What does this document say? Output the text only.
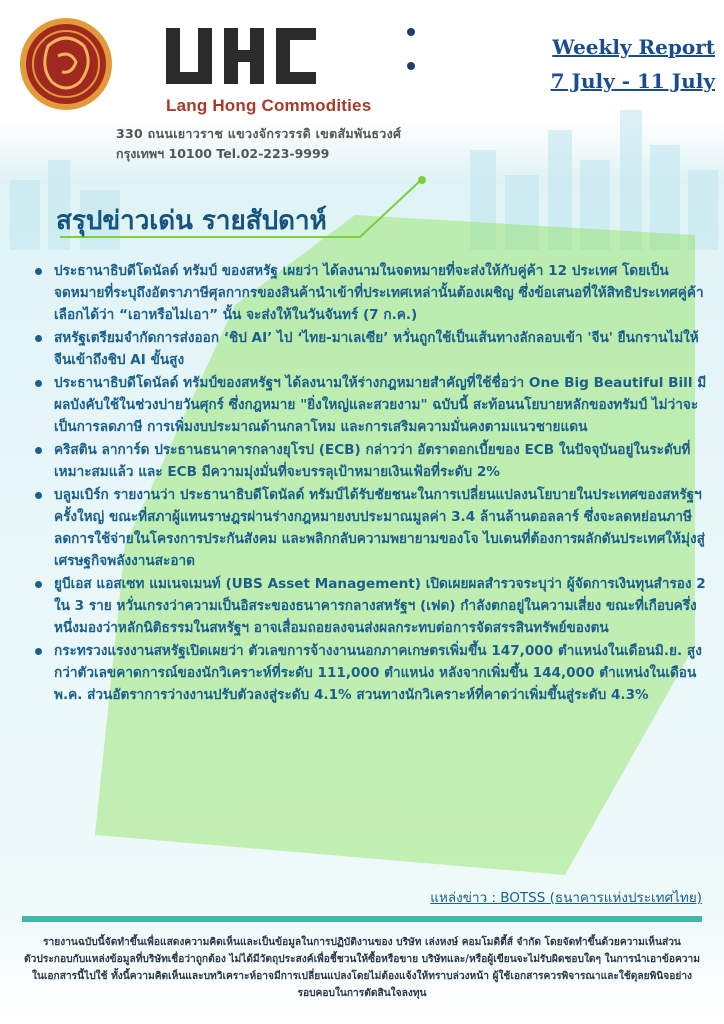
Lang Hong Commodities
330 ถนนเยาวราช แขวงจักรวรรดิ เขตสัมพันธวงศ์
กรุงเทพฯ 10100 Tel.02-223-9999
Weekly Report
7 July - 11 July
สรุปข่าวเด่น รายสัปดาห์
ประธานาธิบดีโดนัลด์ ทรัมป์ ของสหรัฐ เผยว่า ได้ลงนามในจดหมายที่จะส่งให้กับคู่ค้า 12 ประเทศ โดยเป็นจดหมายที่ระบุถึงอัตราภาษีศุลกากรของสินค้านำเข้าที่ประเทศเหล่านั้นต้องเผชิญ ซึ่งข้อเสนอที่ให้สิทธิประเทศคู่ค้าเลือกได้ว่า “เอาหรือไม่เอา” นั้น จะส่งให้ในวันจันทร์ (7 ก.ค.)
สหรัฐเตรียมจำกัดการส่งออก ‘ชิป AI’ ไป ‘ไทย-มาเลเซีย’ หวั่นถูกใช้เป็นเส้นทางลักลอบเข้า 'จีน' ยืนกรานไม่ให้จีนเข้าถึงชิป AI ขั้นสูง
ประธานาธิบดีโดนัลด์ ทรัมป์ของสหรัฐฯ ได้ลงนามให้ร่างกฎหมายสำคัญที่ใช้ชื่อว่า One Big Beautiful Bill มีผลบังคับใช้ในช่วงบ่ายวันศุกร์ ซึ่งกฎหมาย "ยิ่งใหญ่และสวยงาม" ฉบับนี้ สะท้อนนโยบายหลักของทรัมป์ ไม่ว่าจะเป็นการลดภาษี การเพิ่มงบประมาณด้านกลาโหม และการเสริมความมั่นคงตามแนวชายแดน
คริสติน ลาการ์ด ประธานธนาคารกลางยุโรป (ECB) กล่าวว่า อัตราดอกเบี้ยของ ECB ในปัจจุบันอยู่ในระดับที่เหมาะสมแล้ว และ ECB มีความมุ่งมั่นที่จะบรรลุเป้าหมายเงินเฟ้อที่ระดับ 2%
บลูมเบิร์ก รายงานว่า ประธานาธิบดีโดนัลด์ ทรัมป์ได้รับชัยชนะในการเปลี่ยนแปลงนโยบายในประเทศของสหรัฐฯ ครั้งใหญ่ ขณะที่สภาผู้แทนราษฎรผ่านร่างกฎหมายงบประมาณมูลค่า 3.4 ล้านล้านดอลลาร์ ซึ่งจะลดหย่อนภาษี ลดการใช้จ่ายในโครงการประกันสังคม และพลิกกลับความพยายามของโจ ไบเดนที่ต้องการผลักดันประเทศให้มุ่งสู่เศรษฐกิจพลังงานสะอาด
ยูบีเอส แอสเซท แมเนจเมนท์ (UBS Asset Management) เปิดเผยผลสำรวจระบุว่า ผู้จัดการเงินทุนสำรอง 2 ใน 3 ราย หวั่นเกรงว่าความเป็นอิสระของธนาคารกลางสหรัฐฯ (เฟด) กำลังตกอยู่ในความเสี่ยง ขณะที่เกือบครึ่งหนึ่งมองว่าหลักนิติธรรมในสหรัฐฯ อาจเสื่อมถอยลงจนส่งผลกระทบต่อการจัดสรรสินทรัพย์ของตน
กระทรวงแรงงานสหรัฐเปิดเผยว่า ตัวเลขการจ้างงานนอกภาคเกษตรเพิ่มขึ้น 147,000 ตำแหน่งในเดือนมิ.ย. สูงกว่าตัวเลขคาดการณ์ของนักวิเคราะห์ที่ระดับ 111,000 ตำแหน่ง หลังจากเพิ่มขึ้น 144,000 ตำแหน่งในเดือนพ.ค. ส่วนอัตราการว่างงานปรับตัวลงสู่ระดับ 4.1% สวนทางนักวิเคราะห์ที่คาดว่าเพิ่มขึ้นสู่ระดับ 4.3%
แหล่งข่าว : BOTSS (ธนาคารแห่งประเทศไทย)
รายงานฉบับนี้จัดทำขึ้นเพื่อแสดงความคิดเห็นและเป็นข้อมูลในการปฏิบัติงานของ บริษัท เล่งหงษ์ คอมโมดิตี้ส์ จำกัด โดยจัดทำขึ้นด้วยความเห็นส่วนตัวประกอบกับแหล่งข้อมูลที่บริษัทเชื่อว่าถูกต้อง ไม่ได้มีวัตถุประสงค์เพื่อชี้ชวนให้ซื้อหรือขาย บริษัทและ/หรือผู้เขียนจะไม่รับผิดชอบใดๆ ในการนำเอาข้อความในเอกสารนี้ไปใช้ ทั้งนี้ความคิดเห็นและบทวิเคราะห์อาจมีการเปลี่ยนแปลงโดยไม่ต้องแจ้งให้ทราบล่วงหน้า ผู้ใช้เอกสารควรพิจารณาและใช้ดุลยพินิจอย่างรอบคอบในการตัดสินใจลงทุน
